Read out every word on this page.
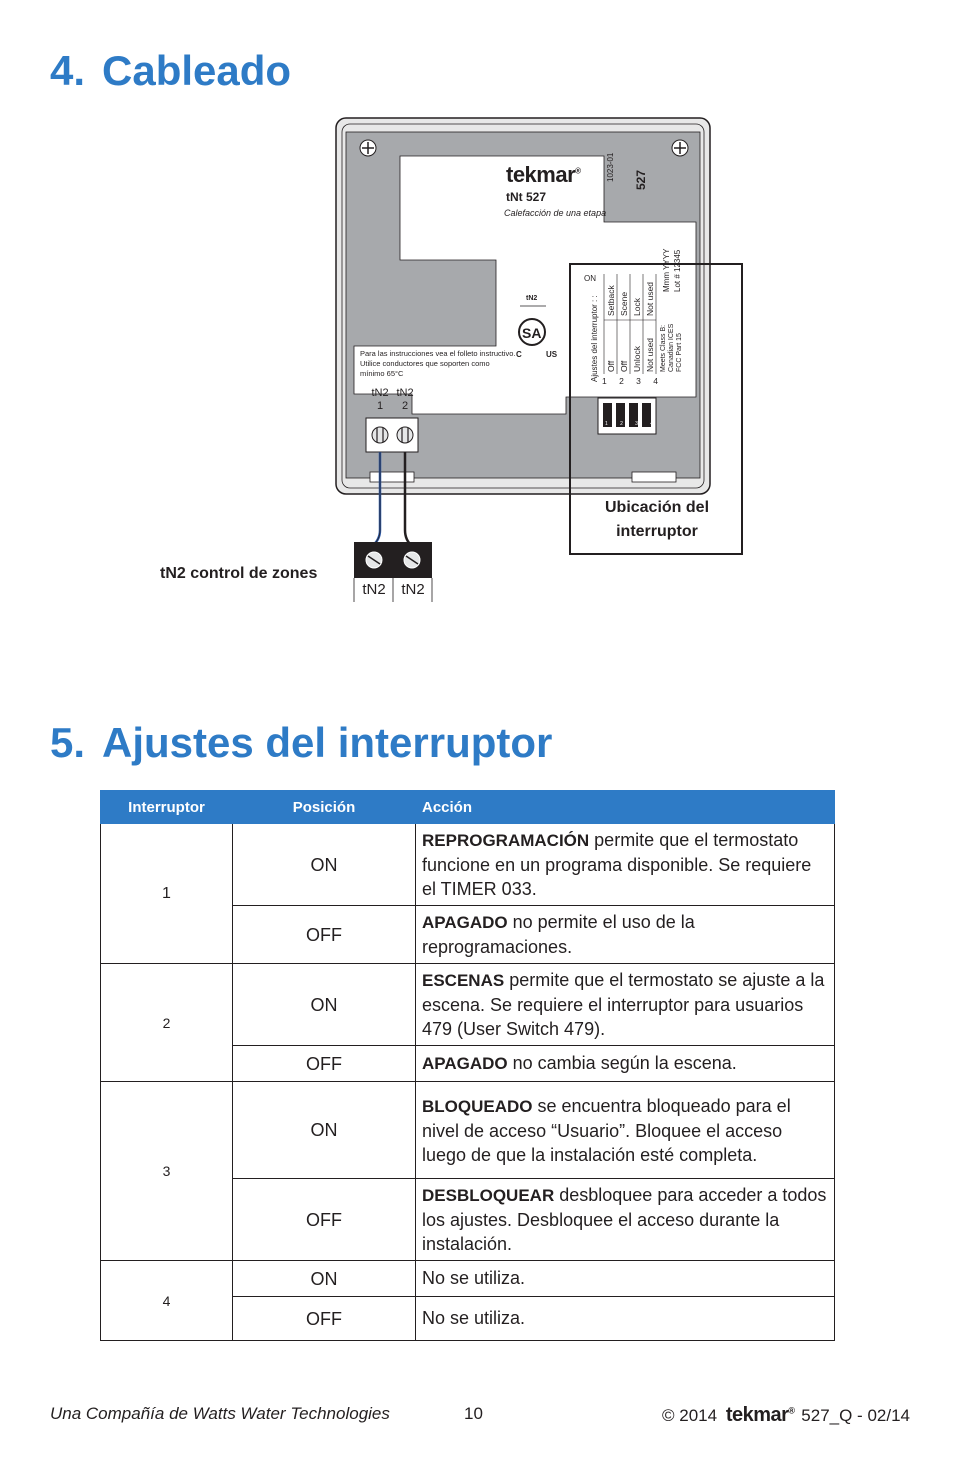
4. Cableado
SA
tekmar®
tNt 527
Calefacción de una etapa
1023-01 527
tN2
C	US
Para las instrucciones vea el folleto instructivo.
Utilice conductores que soporten como
mínimo 65°C
tN2
1
tN2
2
ON
Ajustes del interruptor : : Setback Scene Lock Not used
Off Off Unlock Not used
1 2 3 4
1 2 3 4
Mmm YYYY Lot # 12345
Meets Class B: Canadian ICES FCC Part 15
Ubicación del
interruptor
tN2 control de zones
tN2	tN2
5. Ajustes del interruptor
Interruptor	Posición	Acción
1	ON	REPROGRAMACIÓN permite que el termostato funcione en un programa disponible. Se requiere el TIMER 033.
	OFF	APAGADO no permite el uso de la reprogramaciones.
2	ON	ESCENAS permite que el termostato se ajuste a la escena. Se requiere el interruptor para usuarios 479 (User Switch 479).
	OFF	APAGADO no cambia según la escena.
3	ON	BLOQUEADO se encuentra bloqueado para el nivel de acceso “Usuario”. Bloquee el acceso luego de que la instalación esté completa.
	OFF	DESBLOQUEAR desbloquee para acceder a todos los ajustes. Desbloquee el acceso durante la instalación.
4	ON	No se utiliza.
	OFF	No se utiliza.
Una Compañía de Watts Water Technologies	10	© 2014 tekmar® 527_Q - 02/14
